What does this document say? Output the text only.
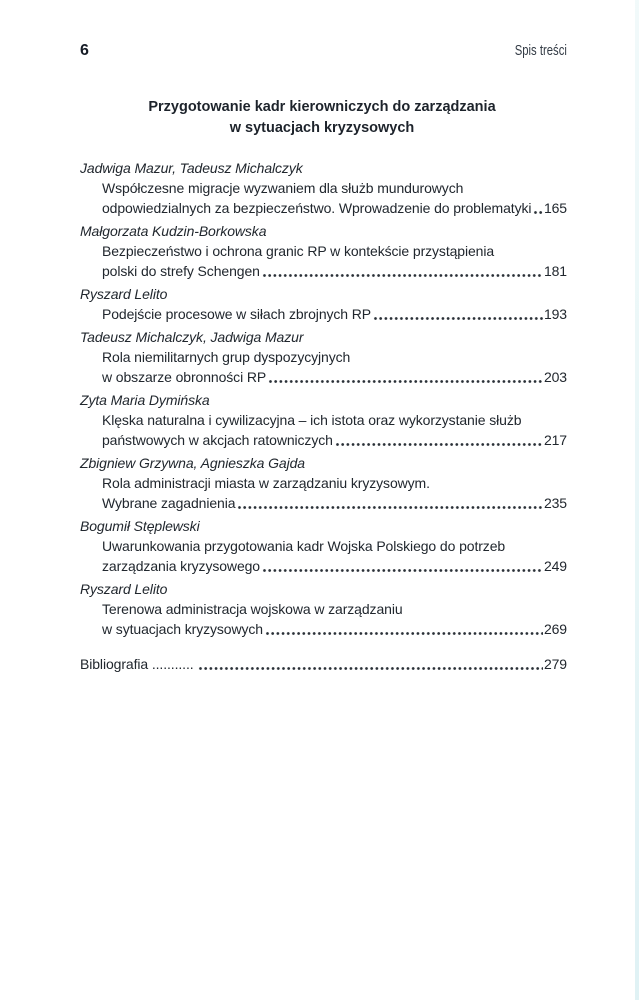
6	Spis treści
Przygotowanie kadr kierowniczych do zarządzania
w sytuacjach kryzysowych
Jadwiga Mazur, Tadeusz Michalczyk
Współczesne migracje wyzwaniem dla służb mundurowych
odpowiedzialnych za bezpieczeństwo. Wprowadzenie do problematyki 165
Małgorzata Kudzin-Borkowska
Bezpieczeństwo i ochrona granic RP w kontekście przystąpienia
polski do strefy Schengen	181
Ryszard Lelito
Podejście procesowe w siłach zbrojnych RP	193
Tadeusz Michalczyk, Jadwiga Mazur
Rola niemilitarnych grup dyspozycyjnych
w obszarze obronności RP	203
Zyta Maria Dymińska
Klęska naturalna i cywilizacyjna – ich istota oraz wykorzystanie służb
państwowych w akcjach ratowniczych	217
Zbigniew Grzywna, Agnieszka Gajda
Rola administracji miasta w zarządzaniu kryzysowym.
Wybrane zagadnienia	235
Bogumił Stęplewski
Uwarunkowania przygotowania kadr Wojska Polskiego do potrzeb
zarządzania kryzysowego	249
Ryszard Lelito
Terenowa administracja wojskowa w zarządzaniu
w sytuacjach kryzysowych	269
Bibliografia ...........	279
